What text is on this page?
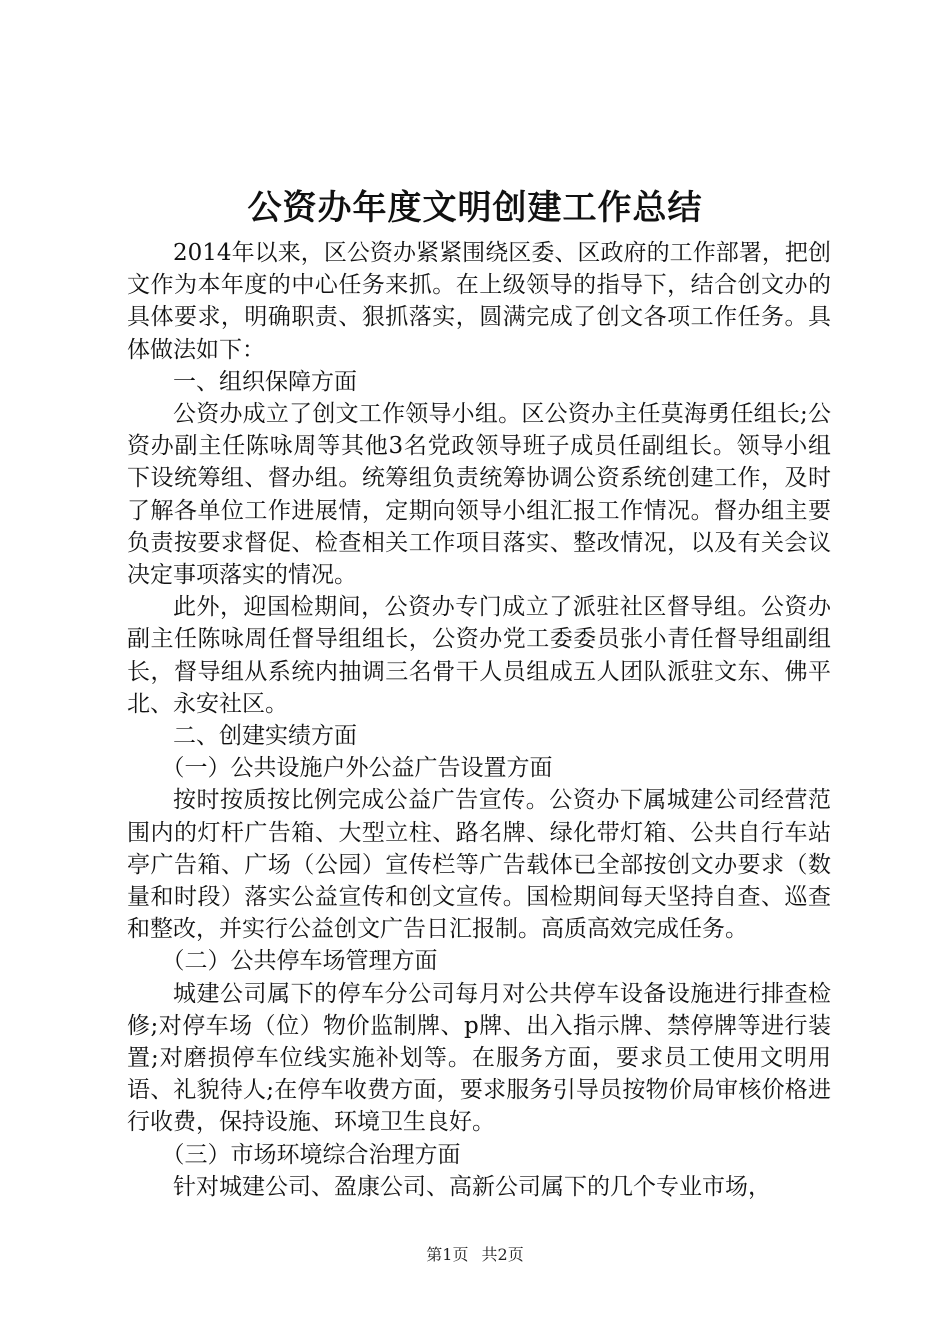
公资办年度文明创建工作总结

2014年以来，区公资办紧紧围绕区委、区政府的工作部署，把创文作为本年度的中心任务来抓。在上级领导的指导下，结合创文办的具体要求，明确职责、狠抓落实，圆满完成了创文各项工作任务。具体做法如下：

一、组织保障方面

公资办成立了创文工作领导小组。区公资办主任莫海勇任组长;公资办副主任陈咏周等其他3名党政领导班子成员任副组长。领导小组下设统筹组、督办组。统筹组负责统筹协调公资系统创建工作，及时了解各单位工作进展情，定期向领导小组汇报工作情况。督办组主要负责按要求督促、检查相关工作项目落实、整改情况，以及有关会议决定事项落实的情况。

此外，迎国检期间，公资办专门成立了派驻社区督导组。公资办副主任陈咏周任督导组组长，公资办党工委委员张小青任督导组副组长，督导组从系统内抽调三名骨干人员组成五人团队派驻文东、佛平北、永安社区。

二、创建实绩方面

（一）公共设施户外公益广告设置方面

按时按质按比例完成公益广告宣传。公资办下属城建公司经营范围内的灯杆广告箱、大型立柱、路名牌、绿化带灯箱、公共自行车站亭广告箱、广场（公园）宣传栏等广告载体已全部按创文办要求（数量和时段）落实公益宣传和创文宣传。国检期间每天坚持自查、巡查和整改，并实行公益创文广告日汇报制。高质高效完成任务。

（二）公共停车场管理方面

城建公司属下的停车分公司每月对公共停车设备设施进行排查检修;对停车场（位）物价监制牌、p牌、出入指示牌、禁停牌等进行装置;对磨损停车位线实施补划等。在服务方面，要求员工使用文明用语、礼貌待人;在停车收费方面，要求服务引导员按物价局审核价格进行收费，保持设施、环境卫生良好。

（三）市场环境综合治理方面

针对城建公司、盈康公司、高新公司属下的几个专业市场，

第1页 共2页
